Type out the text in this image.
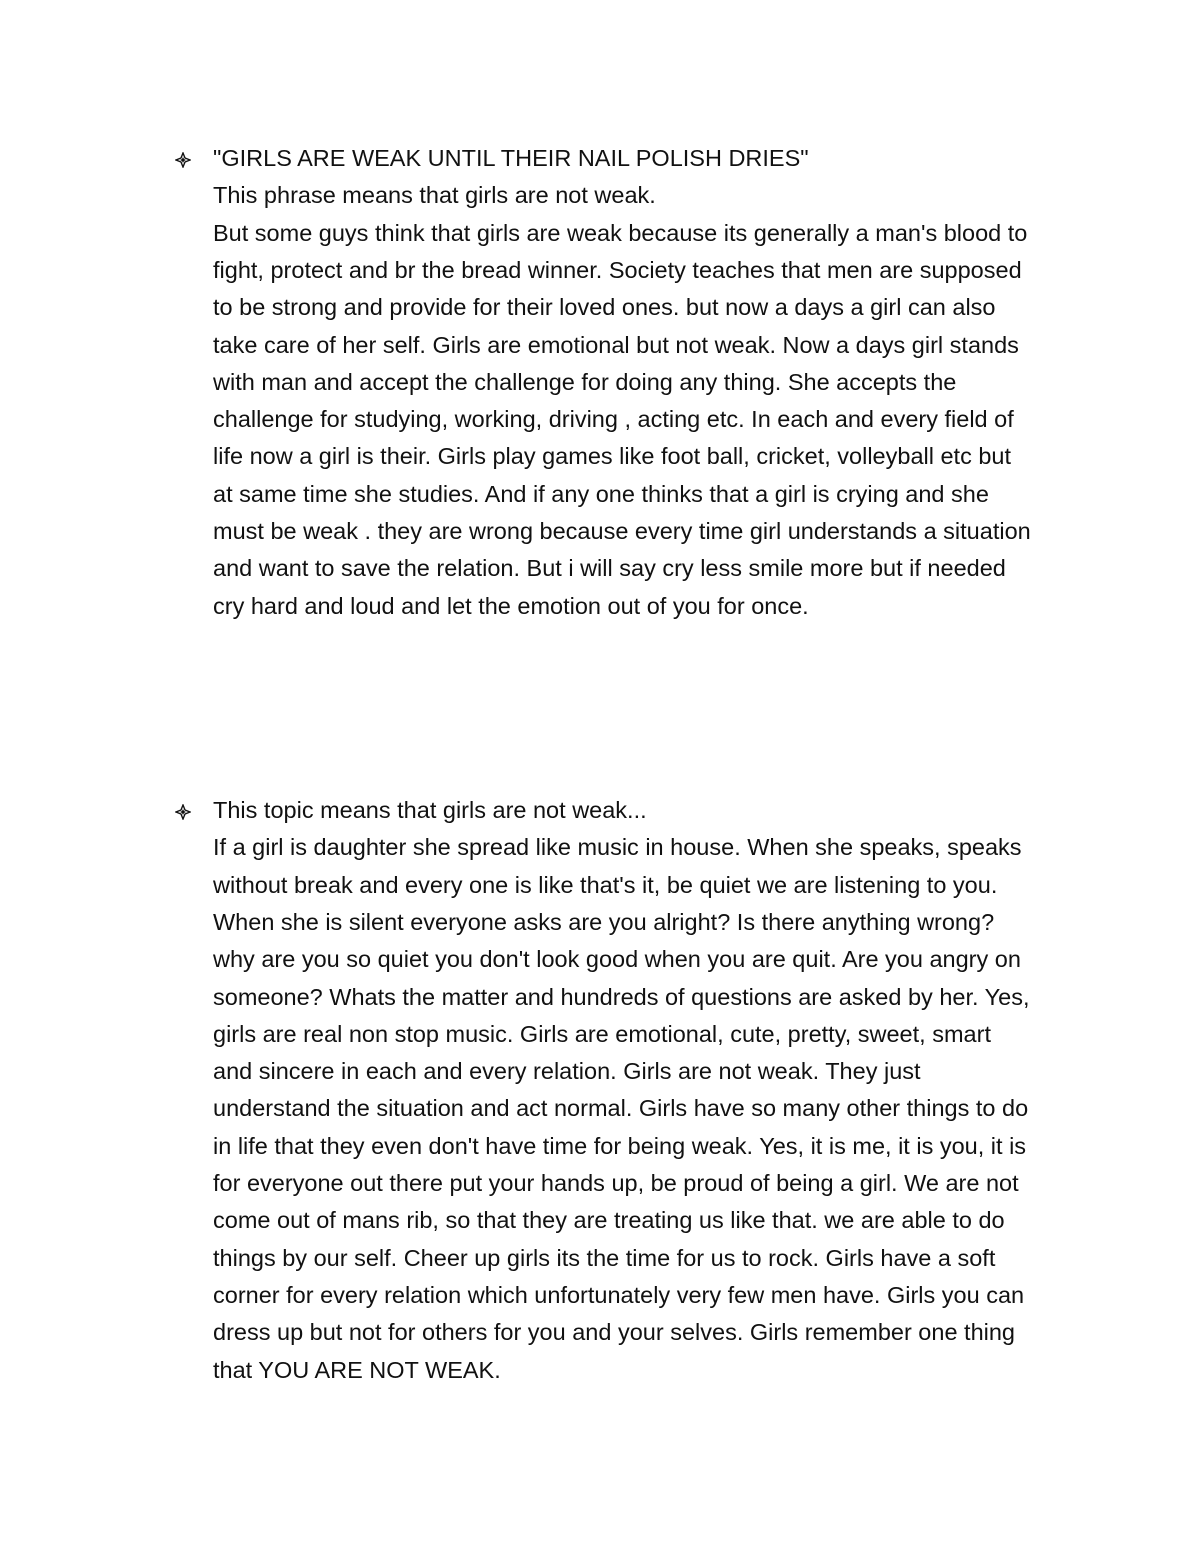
"GIRLS ARE WEAK UNTIL THEIR NAIL POLISH DRIES"
This phrase means that girls are not weak.
But some guys think that girls are weak because its generally a man's blood to
fight, protect and br the bread winner. Society teaches that men are supposed
to be strong and provide for their loved ones. but now a days a girl can also
take care of her self. Girls are emotional but not weak. Now a days girl stands
with man and accept the challenge for doing any thing. She accepts the
challenge for studying, working, driving , acting etc. In each and every field of
life now a girl is their. Girls play games like foot ball, cricket, volleyball etc but
at same time she studies. And if any one thinks that a girl is crying and she
must be weak . they are wrong because every time girl understands a situation
and want to save the relation. But i will say cry less smile more but if needed
cry hard and loud and let the emotion out of you for once.
This topic means that girls are not weak...
If a girl is daughter she spread like music in house. When she speaks, speaks
without break and every one is like that's it, be quiet we are listening to you.
When she is silent everyone asks are you alright? Is there anything wrong?
why are you so quiet you don't look good when you are quit. Are you angry on
someone? Whats the matter and hundreds of questions are asked by her. Yes,
girls are real non stop music. Girls are emotional, cute, pretty, sweet, smart
and sincere in each and every relation. Girls are not weak. They just
understand the situation and act normal. Girls have so many other things to do
in life that they even don't have time for being weak. Yes, it is me, it is you, it is
for everyone out there put your hands up, be proud of being a girl. We are not
come out of mans rib, so that they are treating us like that. we are able to do
things by our self. Cheer up girls its the time for us to rock. Girls have a soft
corner for every relation which unfortunately very few men have. Girls you can
dress up but not for others for you and your selves. Girls remember one thing
that YOU ARE NOT WEAK.
